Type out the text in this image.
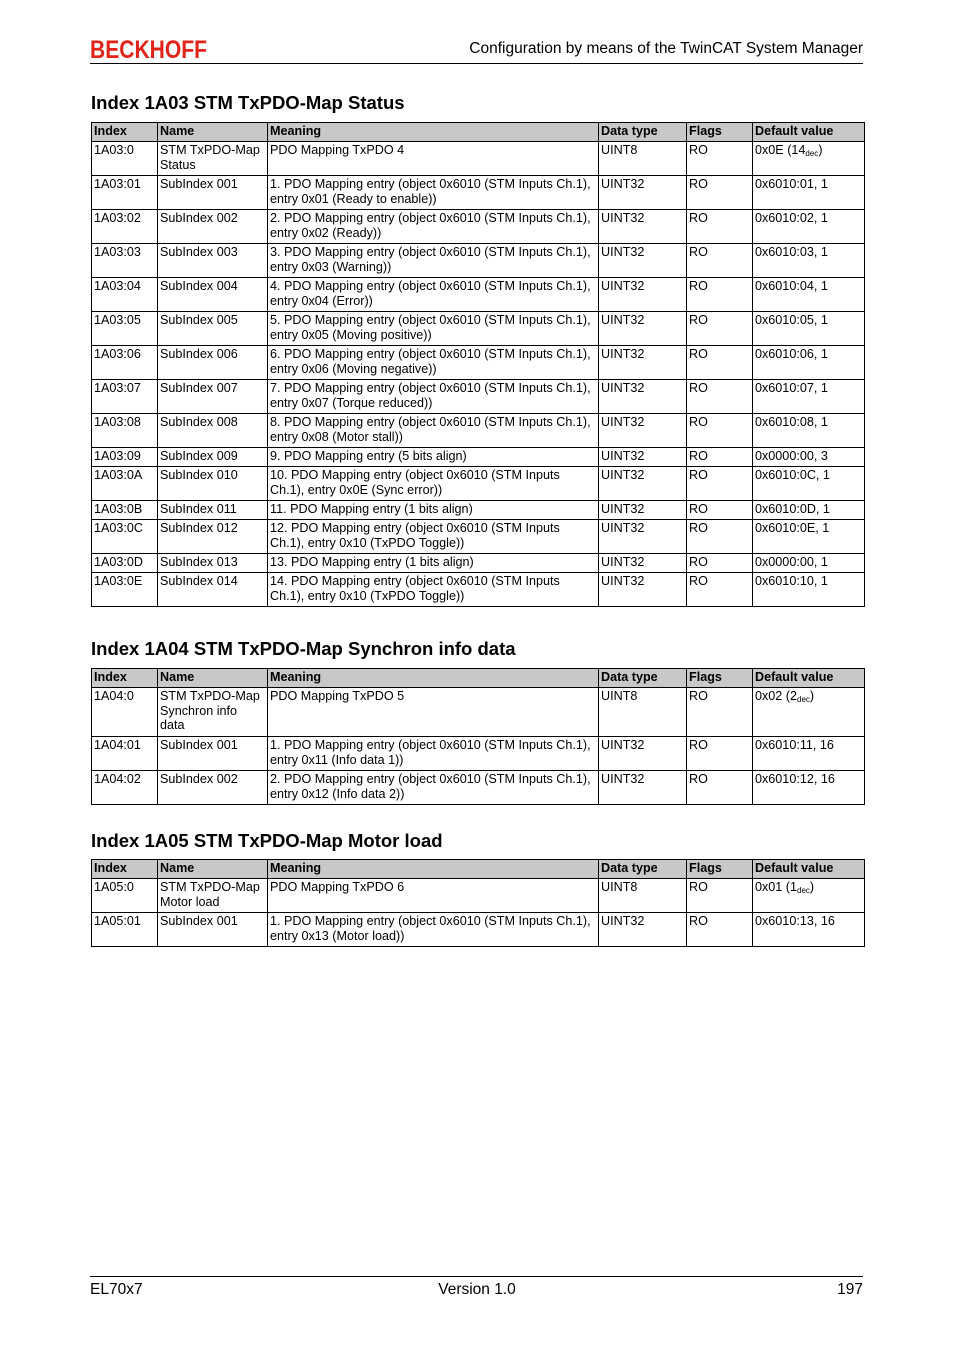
BECKHOFF	Configuration by means of the TwinCAT System Manager
Index 1A03 STM TxPDO-Map Status
Index	Name	Meaning	Data type	Flags	Default value
1A03:0	STM TxPDO-Map Status	PDO Mapping TxPDO 4	UINT8	RO	0x0E $(14_{dec})$
1A03:01	SubIndex 001	1. PDO Mapping entry (object 0x6010 (STM Inputs Ch.1), entry 0x01 (Ready to enable))	UINT32	RO	0x6010:01, 1
1A03:02	SubIndex 002	2. PDO Mapping entry (object 0x6010 (STM Inputs Ch.1), entry 0x02 (Ready))	UINT32	RO	0x6010:02, 1
1A03:03	SubIndex 003	3. PDO Mapping entry (object 0x6010 (STM Inputs Ch.1), entry 0x03 (Warning))	UINT32	RO	0x6010:03, 1
1A03:04	SubIndex 004	4. PDO Mapping entry (object 0x6010 (STM Inputs Ch.1), entry 0x04 (Error))	UINT32	RO	0x6010:04, 1
1A03:05	SubIndex 005	5. PDO Mapping entry (object 0x6010 (STM Inputs Ch.1), entry 0x05 (Moving positive))	UINT32	RO	0x6010:05, 1
1A03:06	SubIndex 006	6. PDO Mapping entry (object 0x6010 (STM Inputs Ch.1), entry 0x06 (Moving negative))	UINT32	RO	0x6010:06, 1
1A03:07	SubIndex 007	7. PDO Mapping entry (object 0x6010 (STM Inputs Ch.1), entry 0x07 (Torque reduced))	UINT32	RO	0x6010:07, 1
1A03:08	SubIndex 008	8. PDO Mapping entry (object 0x6010 (STM Inputs Ch.1), entry 0x08 (Motor stall))	UINT32	RO	0x6010:08, 1
1A03:09	SubIndex 009	9. PDO Mapping entry (5 bits align)	UINT32	RO	0x0000:00, 3
1A03:0A	SubIndex 010	10. PDO Mapping entry (object 0x6010 (STM Inputs Ch.1), entry 0x0E (Sync error))	UINT32	RO	0x6010:0C, 1
1A03:0B	SubIndex 011	11. PDO Mapping entry (1 bits align)	UINT32	RO	0x6010:0D, 1
1A03:0C	SubIndex 012	12. PDO Mapping entry (object 0x6010 (STM Inputs Ch.1), entry 0x10 (TxPDO Toggle))	UINT32	RO	0x6010:0E, 1
1A03:0D	SubIndex 013	13. PDO Mapping entry (1 bits align)	UINT32	RO	0x0000:00, 1
1A03:0E	SubIndex 014	14. PDO Mapping entry (object 0x6010 (STM Inputs Ch.1), entry 0x10 (TxPDO Toggle))	UINT32	RO	0x6010:10, 1
Index 1A04 STM TxPDO-Map Synchron info data
Index	Name	Meaning	Data type	Flags	Default value
1A04:0	STM TxPDO-Map Synchron info data	PDO Mapping TxPDO 5	UINT8	RO	0x02 $(2_{dec})$
1A04:01	SubIndex 001	1. PDO Mapping entry (object 0x6010 (STM Inputs Ch.1), entry 0x11 (Info data 1))	UINT32	RO	0x6010:11, 16
1A04:02	SubIndex 002	2. PDO Mapping entry (object 0x6010 (STM Inputs Ch.1), entry 0x12 (Info data 2))	UINT32	RO	0x6010:12, 16
Index 1A05 STM TxPDO-Map Motor load
Index	Name	Meaning	Data type	Flags	Default value
1A05:0	STM TxPDO-Map Motor load	PDO Mapping TxPDO 6	UINT8	RO	0x01 $(1_{dec})$
1A05:01	SubIndex 001	1. PDO Mapping entry (object 0x6010 (STM Inputs Ch.1), entry 0x13 (Motor load))	UINT32	RO	0x6010:13, 16
EL70x7	Version 1.0	197
